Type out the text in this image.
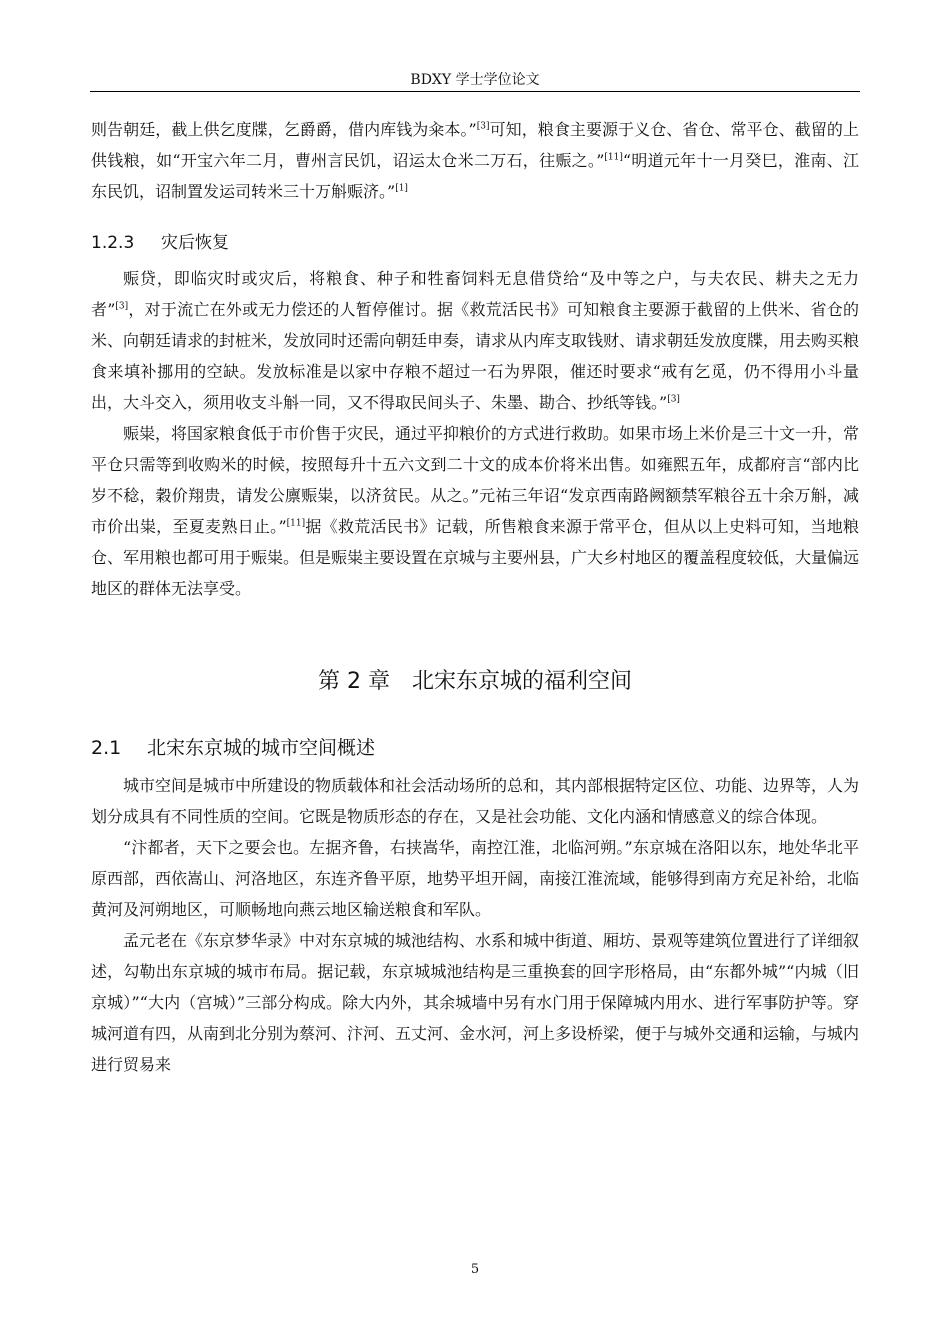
BDXY 学士学位论文

则告朝廷，截上供乞度牒，乞爵爵，借内库钱为籴本。”[3]可知，粮食主要源于义仓、省仓、常平仓、截留的上供钱粮，如“开宝六年二月，曹州言民饥，诏运太仓米二万石，往赈之。”[11]“明道元年十一月癸巳，淮南、江东民饥，诏制置发运司转米三十万斛赈济。”[1]

1.2.3 灾后恢复

赈贷，即临灾时或灾后，将粮食、种子和牲畜饲料无息借贷给“及中等之户，与夫农民、耕夫之无力者”[3]，对于流亡在外或无力偿还的人暂停催讨。据《救荒活民书》可知粮食主要源于截留的上供米、省仓的米、向朝廷请求的封桩米，发放同时还需向朝廷申奏，请求从内库支取钱财、请求朝廷发放度牒，用去购买粮食来填补挪用的空缺。发放标准是以家中存粮不超过一石为界限，催还时要求“戒有乞觅，仍不得用小斗量出，大斗交入，须用收支斗斛一同，又不得取民间头子、朱墨、勘合、抄纸等钱。”[3]

赈粜，将国家粮食低于市价售于灾民，通过平抑粮价的方式进行救助。如果市场上米价是三十文一升，常平仓只需等到收购米的时候，按照每升十五六文到二十文的成本价将米出售。如雍熙五年，成都府言“部内比岁不稔，穀价翔贵，请发公廪赈粜，以济贫民。从之。”元祐三年诏“发京西南路阙额禁军粮谷五十余万斛，减市价出粜，至夏麦熟日止。”[11]据《救荒活民书》记载，所售粮食来源于常平仓，但从以上史料可知，当地粮仓、军用粮也都可用于赈粜。但是赈粜主要设置在京城与主要州县，广大乡村地区的覆盖程度较低，大量偏远地区的群体无法享受。

第 2 章 北宋东京城的福利空间
2.1 北宋东京城的城市空间概述

城市空间是城市中所建设的物质载体和社会活动场所的总和，其内部根据特定区位、功能、边界等，人为划分成具有不同性质的空间。它既是物质形态的存在，又是社会功能、文化内涵和情感意义的综合体现。

“汴都者，天下之要会也。左据齐鲁，右挟嵩华，南控江淮，北临河朔。”东京城在洛阳以东，地处华北平原西部，西依嵩山、河洛地区，东连齐鲁平原，地势平坦开阔，南接江淮流域，能够得到南方充足补给，北临黄河及河朔地区，可顺畅地向燕云地区输送粮食和军队。

孟元老在《东京梦华录》中对东京城的城池结构、水系和城中街道、厢坊、景观等建筑位置进行了详细叙述，勾勒出东京城的城市布局。据记载，东京城城池结构是三重换套的回字形格局，由“东都外城”“内城（旧京城）”“大内（宫城）”三部分构成。除大内外，其余城墙中另有水门用于保障城内用水、进行军事防护等。穿城河道有四，从南到北分别为蔡河、汴河、五丈河、金水河，河上多设桥梁，便于与城外交通和运输，与城内进行贸易来

5
